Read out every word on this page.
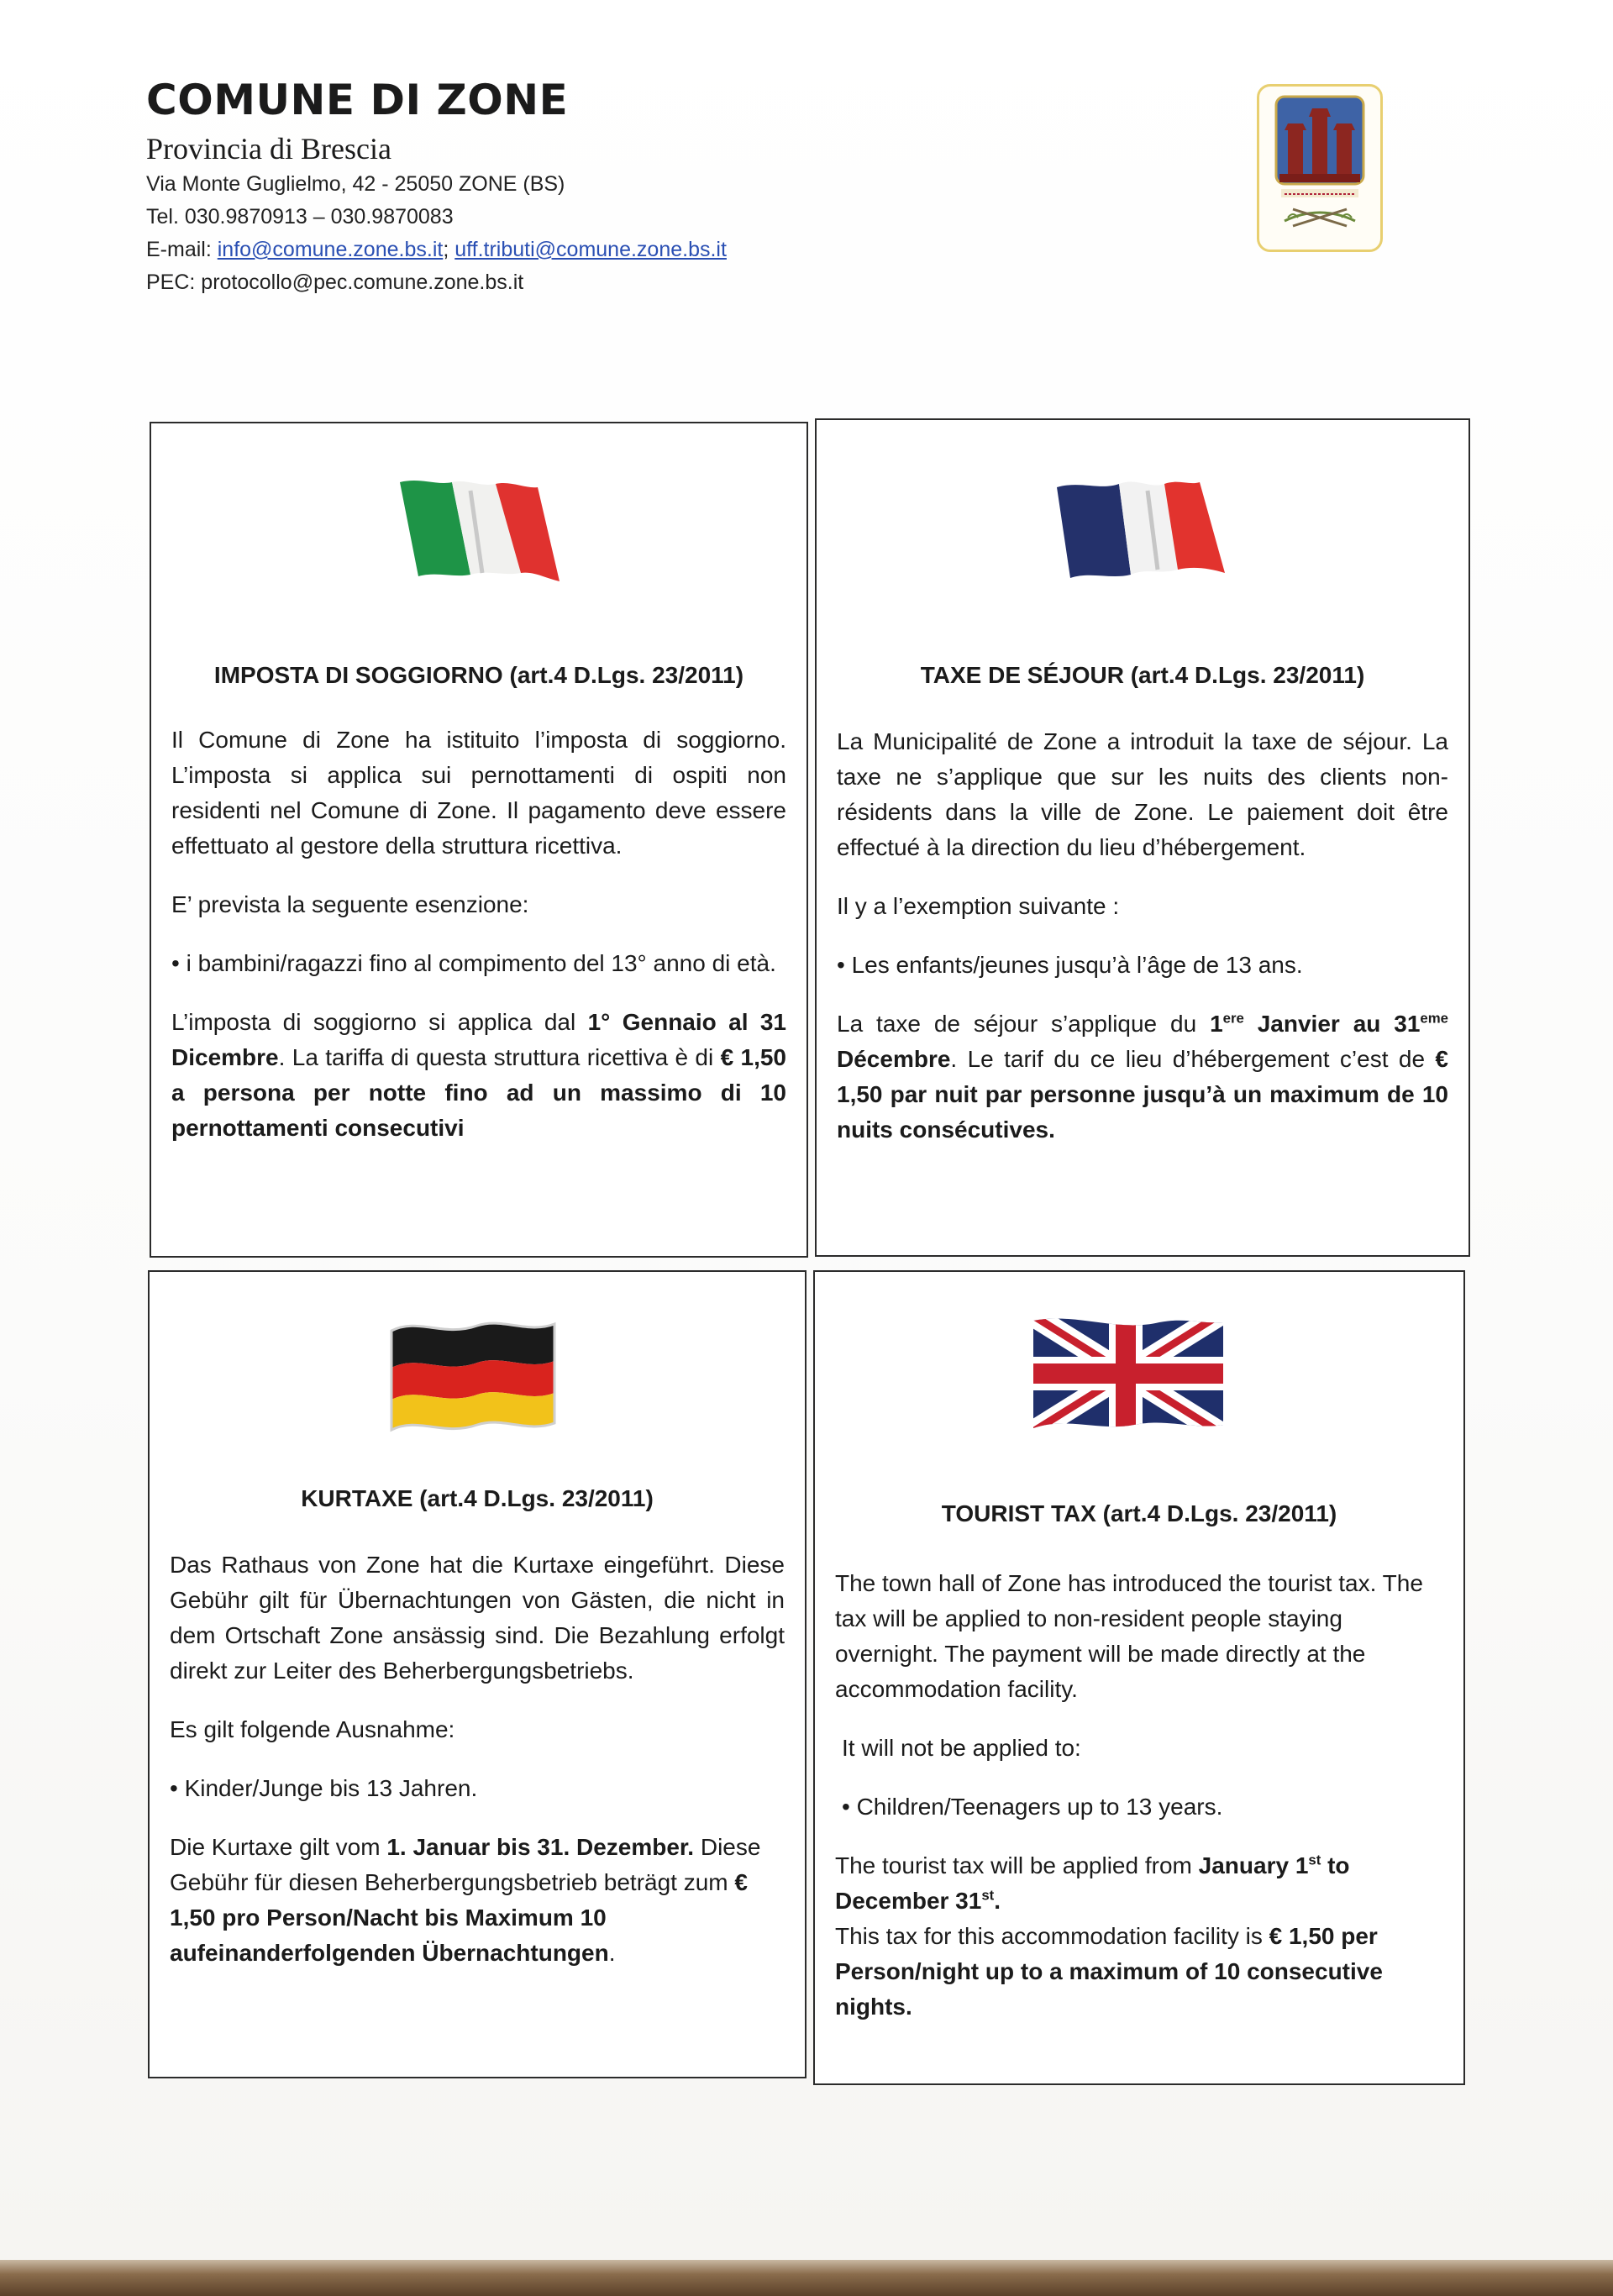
COMUNE DI ZONE
Provincia di Brescia
Via Monte Guglielmo, 42 - 25050 ZONE (BS)
Tel. 030.9870913 – 030.9870083
E-mail: info@comune.zone.bs.it; uff.tributi@comune.zone.bs.it
PEC: protocollo@pec.comune.zone.bs.it
IMPOSTA DI SOGGIORNO (art.4 D.Lgs. 23/2011)

Il Comune di Zone ha istituito l’imposta di soggiorno. L’imposta si applica sui pernottamenti di ospiti non residenti nel Comune di Zone. Il pagamento deve essere effettuato al gestore della struttura ricettiva.

E’ prevista la seguente esenzione:

• i bambini/ragazzi fino al compimento del 13° anno di età.

L’imposta di soggiorno si applica dal 1° Gennaio al 31 Dicembre. La tariffa di questa struttura ricettiva è di € 1,50 a persona per notte fino ad un massimo di 10 pernottamenti consecutivi

TAXE DE SÉJOUR (art.4 D.Lgs. 23/2011)

La Municipalité de Zone a introduit la taxe de séjour. La taxe ne s’applique que sur les nuits des clients non-résidents dans la ville de Zone. Le paiement doit être effectué à la direction du lieu d’hébergement.

Il y a l’exemption suivante :

• Les enfants/jeunes jusqu’à l’âge de 13 ans.

La taxe de séjour s’applique du 1ere Janvier au 31eme Décembre. Le tarif du ce lieu d’hébergement c’est de € 1,50 par nuit par personne jusqu’à un maximum de 10 nuits consécutives.

KURTAXE (art.4 D.Lgs. 23/2011)

Das Rathaus von Zone hat die Kurtaxe eingeführt. Diese Gebühr gilt für Übernachtungen von Gästen, die nicht in dem Ortschaft Zone ansässig sind. Die Bezahlung erfolgt direkt zur Leiter des Beherbergungsbetriebs.

Es gilt folgende Ausnahme:

• Kinder/Junge bis 13 Jahren.

Die Kurtaxe gilt vom 1. Januar bis 31. Dezember. Diese Gebühr für diesen Beherbergungsbetrieb beträgt zum € 1,50 pro Person/Nacht bis Maximum 10 aufeinanderfolgenden Übernachtungen.

TOURIST TAX (art.4 D.Lgs. 23/2011)

The town hall of Zone has introduced the tourist tax. The tax will be applied to non-resident people staying overnight. The payment will be made directly at the accommodation facility.

It will not be applied to:

• Children/Teenagers up to 13 years.

The tourist tax will be applied from January 1st to December 31st.

This tax for this accommodation facility is € 1,50 per Person/night up to a maximum of 10 consecutive nights.
